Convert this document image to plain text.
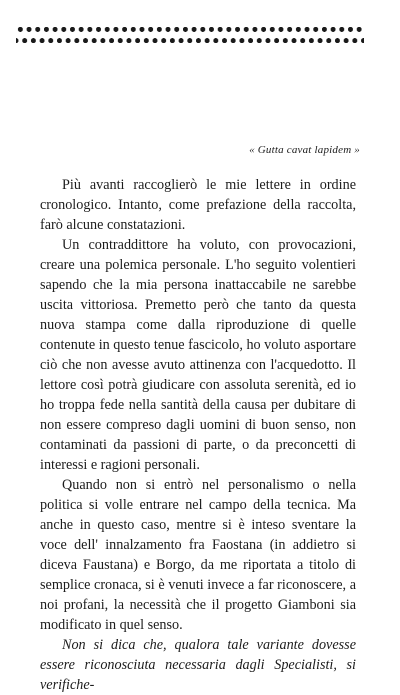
« Gutta cavat lapidem »

Più avanti raccoglierò le mie lettere in ordine cronologico. Intanto, come prefazione della raccolta, farò alcune constatazioni.

Un contraddittore ha voluto, con provocazioni, creare una polemica personale. L'ho seguito volentieri sapendo che la mia persona inattaccabile ne sarebbe uscita vittoriosa. Premetto però che tanto da questa nuova stampa come dalla riproduzione di quelle contenute in questo tenue fascicolo, ho voluto asportare ciò che non avesse avuto attinenza con l'acquedotto. Il lettore così potrà giudicare con assoluta serenità, ed io ho troppa fede nella santità della causa per dubitare di non essere compreso dagli uomini di buon senso, non contaminati da passioni di parte, o da preconcetti di interessi e ragioni personali.

Quando non si entrò nel personalismo o nella politica si volle entrare nel campo della tecnica. Ma anche in questo caso, mentre si è inteso sventare la voce dell' innalzamento fra Faostana (in addietro si diceva Faustana) e Borgo, da me riportata a titolo di semplice cronaca, si è venuti invece a far riconoscere, a noi profani, la necessità che il progetto Giamboni sia modificato in quel senso.

Non si dica che, qualora tale variante dovesse essere riconosciuta necessaria dagli Specialisti, si verifiche-
